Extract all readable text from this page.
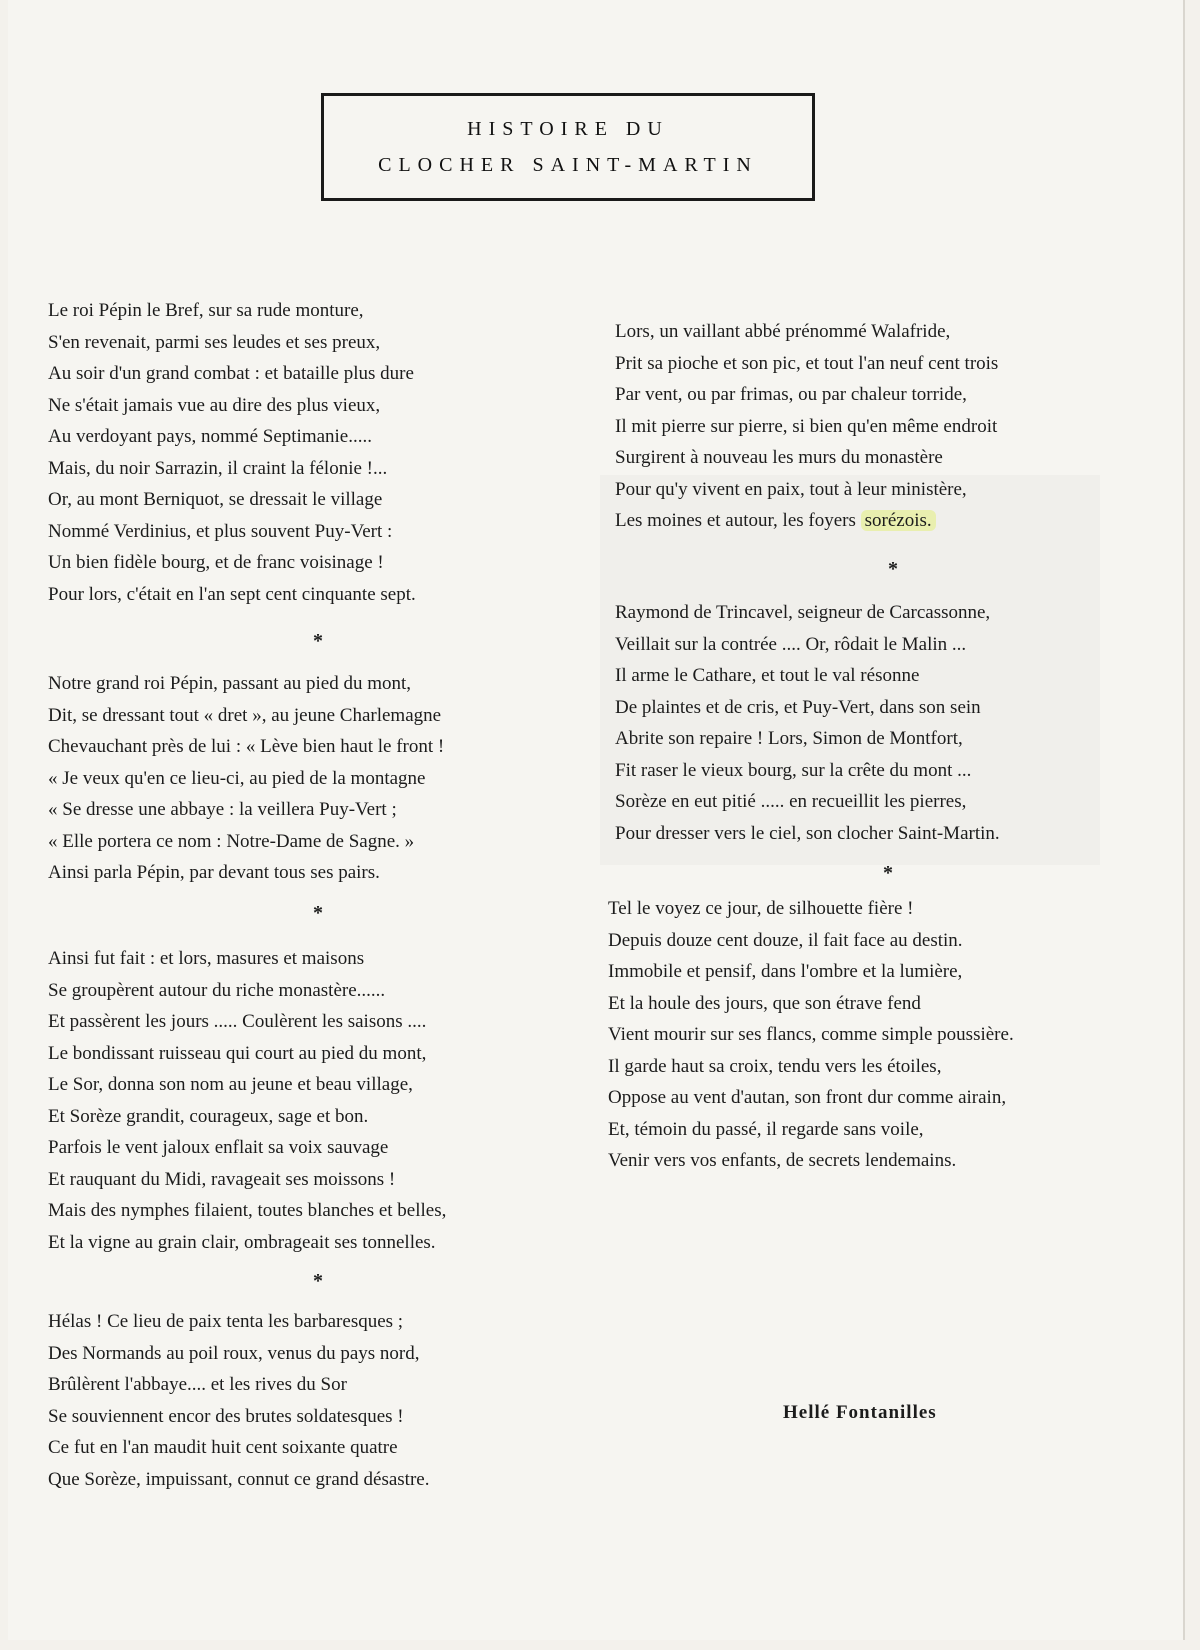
HISTOIRE DU
CLOCHER SAINT-MARTIN
Le roi Pépin le Bref, sur sa rude monture,
S'en revenait, parmi ses leudes et ses preux,
Au soir d'un grand combat : et bataille plus dure
Ne s'était jamais vue au dire des plus vieux,
Au verdoyant pays, nommé Septimanie.....
Mais, du noir Sarrazin, il craint la félonie !...
Or, au mont Berniquot, se dressait le village
Nommé Verdinius, et plus souvent Puy-Vert :
Un bien fidèle bourg, et de franc voisinage !
Pour lors, c'était en l'an sept cent cinquante sept.
*
Notre grand roi Pépin, passant au pied du mont,
Dit, se dressant tout « dret », au jeune Charlemagne
Chevauchant près de lui : « Lève bien haut le front !
« Je veux qu'en ce lieu-ci, au pied de la montagne
« Se dresse une abbaye : la veillera Puy-Vert ;
« Elle portera ce nom : Notre-Dame de Sagne. »
Ainsi parla Pépin, par devant tous ses pairs.
*
Ainsi fut fait : et lors, masures et maisons
Se groupèrent autour du riche monastère......
Et passèrent les jours ..... Coulèrent les saisons ....
Le bondissant ruisseau qui court au pied du mont,
Le Sor, donna son nom au jeune et beau village,
Et Sorèze grandit, courageux, sage et bon.
Parfois le vent jaloux enflait sa voix sauvage
Et rauquant du Midi, ravageait ses moissons !
Mais des nymphes filaient, toutes blanches et belles,
Et la vigne au grain clair, ombrageait ses tonnelles.
*
Hélas ! Ce lieu de paix tenta les barbaresques ;
Des Normands au poil roux, venus du pays nord,
Brûlèrent l'abbaye.... et les rives du Sor
Se souviennent encor des brutes soldatesques !
Ce fut en l'an maudit huit cent soixante quatre
Que Sorèze, impuissant, connut ce grand désastre.
Lors, un vaillant abbé prénommé Walafride,
Prit sa pioche et son pic, et tout l'an neuf cent trois
Par vent, ou par frimas, ou par chaleur torride,
Il mit pierre sur pierre, si bien qu'en même endroit
Surgirent à nouveau les murs du monastère
Pour qu'y vivent en paix, tout à leur ministère,
Les moines et autour, les foyers sorézois.
*
Raymond de Trincavel, seigneur de Carcassonne,
Veillait sur la contrée .... Or, rôdait le Malin ...
Il arme le Cathare, et tout le val résonne
De plaintes et de cris, et Puy-Vert, dans son sein
Abrite son repaire ! Lors, Simon de Montfort,
Fit raser le vieux bourg, sur la crête du mont ...
Sorèze en eut pitié ..... en recueillit les pierres,
Pour dresser vers le ciel, son clocher Saint-Martin.
*
Tel le voyez ce jour, de silhouette fière !
Depuis douze cent douze, il fait face au destin.
Immobile et pensif, dans l'ombre et la lumière,
Et la houle des jours, que son étrave fend
Vient mourir sur ses flancs, comme simple poussière.
Il garde haut sa croix, tendu vers les étoiles,
Oppose au vent d'autan, son front dur comme airain,
Et, témoin du passé, il regarde sans voile,
Venir vers vos enfants, de secrets lendemains.
Hellé Fontanilles
